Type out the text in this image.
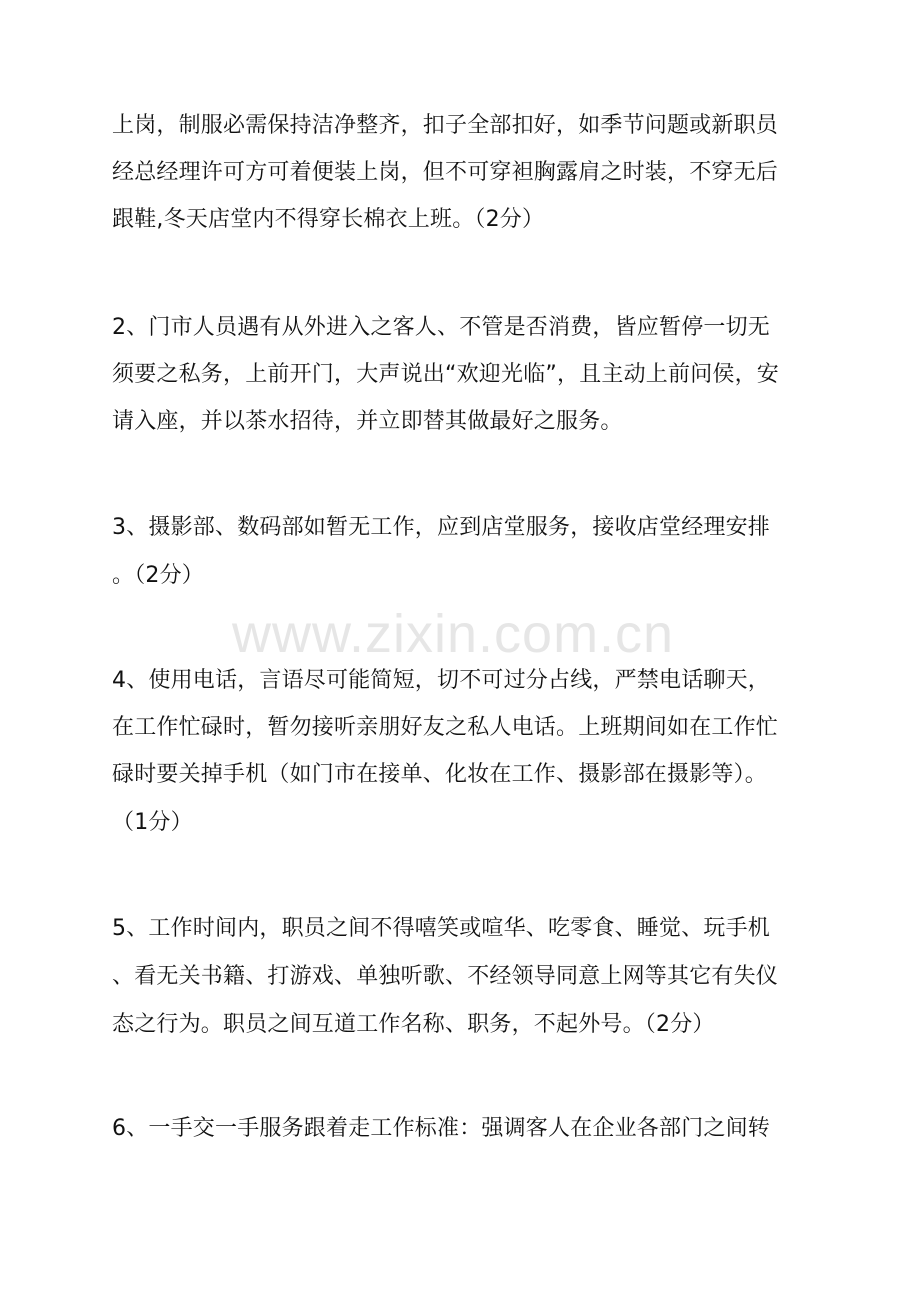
www.zixin.com.cn
上岗，制服必需保持洁净整齐，扣子全部扣好，如季节问题或新职员
经总经理许可方可着便装上岗，但不可穿袒胸露肩之时装，不穿无后
跟鞋,冬天店堂内不得穿长棉衣上班。（2分）
2、门市人员遇有从外进入之客人、不管是否消费，皆应暂停一切无
须要之私务，上前开门，大声说出“欢迎光临”，且主动上前问侯，安
请入座，并以茶水招待，并立即替其做最好之服务。
3、摄影部、数码部如暂无工作，应到店堂服务，接收店堂经理安排
。（2分）
4、使用电话，言语尽可能简短，切不可过分占线，严禁电话聊天，
在工作忙碌时，暂勿接听亲朋好友之私人电话。上班期间如在工作忙
碌时要关掉手机（如门市在接单、化妆在工作、摄影部在摄影等）。
（1分）
5、工作时间内，职员之间不得嘻笑或喧华、吃零食、睡觉、玩手机
、看无关书籍、打游戏、单独听歌、不经领导同意上网等其它有失仪
态之行为。职员之间互道工作名称、职务，不起外号。（2分）
6、一手交一手服务跟着走工作标准：强调客人在企业各部门之间转
